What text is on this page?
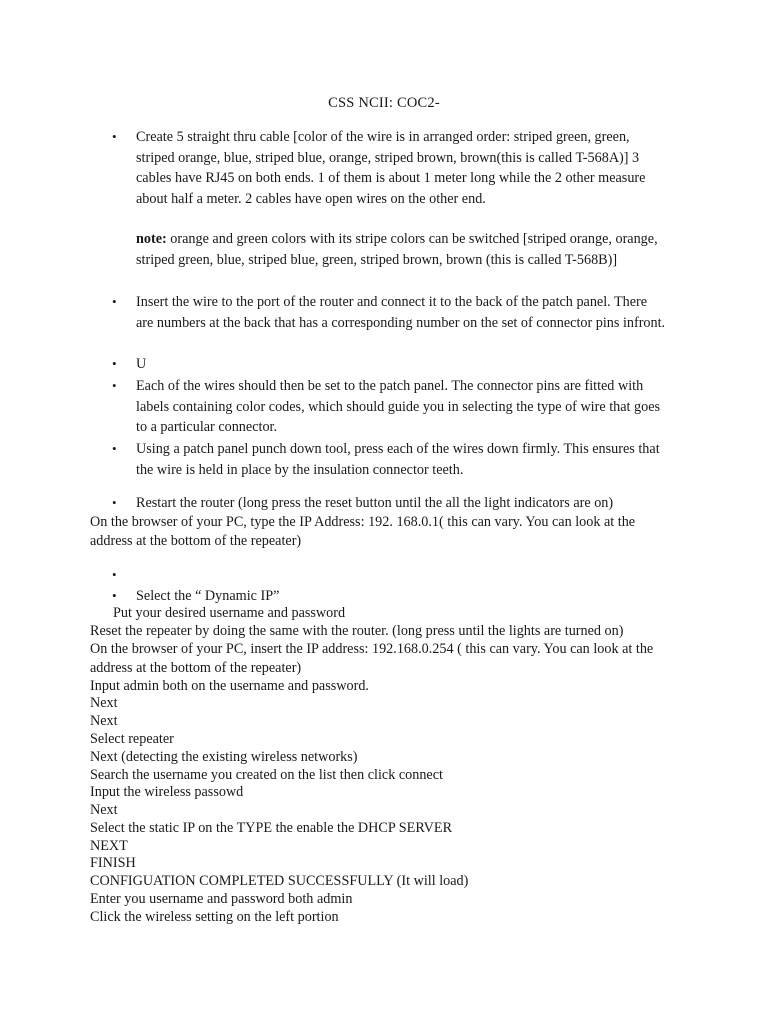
CSS NCII: COC2-
• Create 5 straight thru cable [color of the wire is in arranged order: striped green, green, striped orange, blue, striped blue, orange, striped brown, brown(this is called T-568A)] 3 cables have RJ45 on both ends. 1 of them is about 1 meter long while the 2 other measure about half a meter. 2 cables have open wires on the other end.
note: orange and green colors with its stripe colors can be switched [striped orange, orange, striped green, blue, striped blue, green, striped brown, brown (this is called T-568B)]
• Insert the wire to the port of the router and connect it to the back of the patch panel. There are numbers at the back that has a corresponding number on the set of connector pins infront.
• U
• Each of the wires should then be set to the patch panel. The connector pins are fitted with labels containing color codes, which should guide you in selecting the type of wire that goes to a particular connector.
• Using a patch panel punch down tool, press each of the wires down firmly. This ensures that the wire is held in place by the insulation connector teeth.
• Restart the router (long press the reset button until the all the light indicators are on)
On the browser of your PC, type the IP Address: 192. 168.0.1( this can vary. You can look at the address at the bottom of the repeater)
•
• Select the “ Dynamic IP”
Put your desired username and password
Reset the repeater by doing the same with the router. (long press until the lights are turned on)
On the browser of your PC, insert the IP address: 192.168.0.254 ( this can vary. You can look at the address at the bottom of the repeater)
Input admin both on the username and password.
Next
Next
Select repeater
Next (detecting the existing wireless networks)
Search the username you created on the list then click connect
Input the wireless passowd
Next
Select the static IP on the TYPE the enable the DHCP SERVER
NEXT
FINISH
CONFIGUATION COMPLETED SUCCESSFULLY (It will load)
Enter you username and password both admin
Click the wireless setting on the left portion
